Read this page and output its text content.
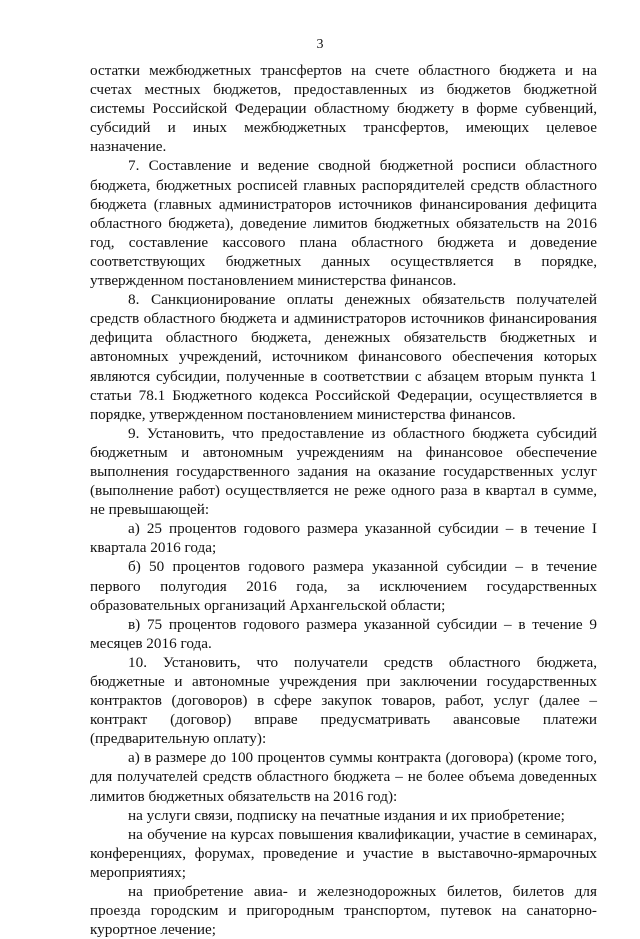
3

остатки межбюджетных трансфертов на счете областного бюджета и на счетах местных бюджетов, предоставленных из бюджетов бюджетной системы Российской Федерации областному бюджету в форме субвенций, субсидий и иных межбюджетных трансфертов, имеющих целевое назначение.

7. Составление и ведение сводной бюджетной росписи областного бюджета, бюджетных росписей главных распорядителей средств областного бюджета (главных администраторов источников финансирования дефицита областного бюджета), доведение лимитов бюджетных обязательств на 2016 год, составление кассового плана областного бюджета и доведение соответствующих бюджетных данных осуществляется в порядке, утвержденном постановлением министерства финансов.

8. Санкционирование оплаты денежных обязательств получателей средств областного бюджета и администраторов источников финансирования дефицита областного бюджета, денежных обязательств бюджетных и автономных учреждений, источником финансового обеспечения которых являются субсидии, полученные в соответствии с абзацем вторым пункта 1 статьи 78.1 Бюджетного кодекса Российской Федерации, осуществляется в порядке, утвержденном постановлением министерства финансов.

9. Установить, что предоставление из областного бюджета субсидий бюджетным и автономным учреждениям на финансовое обеспечение выполнения государственного задания на оказание государственных услуг (выполнение работ) осуществляется не реже одного раза в квартал в сумме, не превышающей:

а) 25 процентов годового размера указанной субсидии – в течение I квартала 2016 года;

б) 50 процентов годового размера указанной субсидии – в течение первого полугодия 2016 года, за исключением государственных образовательных организаций Архангельской области;

в) 75 процентов годового размера указанной субсидии – в течение 9 месяцев 2016 года.

10. Установить, что получатели средств областного бюджета, бюджетные и автономные учреждения при заключении государственных контрактов (договоров) в сфере закупок товаров, работ, услуг (далее – контракт (договор) вправе предусматривать авансовые платежи (предварительную оплату):

а) в размере до 100 процентов суммы контракта (договора) (кроме того, для получателей средств областного бюджета – не более объема доведенных лимитов бюджетных обязательств на 2016 год):

на услуги связи, подписку на печатные издания и их приобретение;

на обучение на курсах повышения квалификации, участие в семинарах, конференциях, форумах, проведение и участие в выставочно-ярмарочных мероприятиях;

на приобретение авиа- и железнодорожных билетов, билетов для проезда городским и пригородным транспортом, путевок на санаторно-курортное лечение;
